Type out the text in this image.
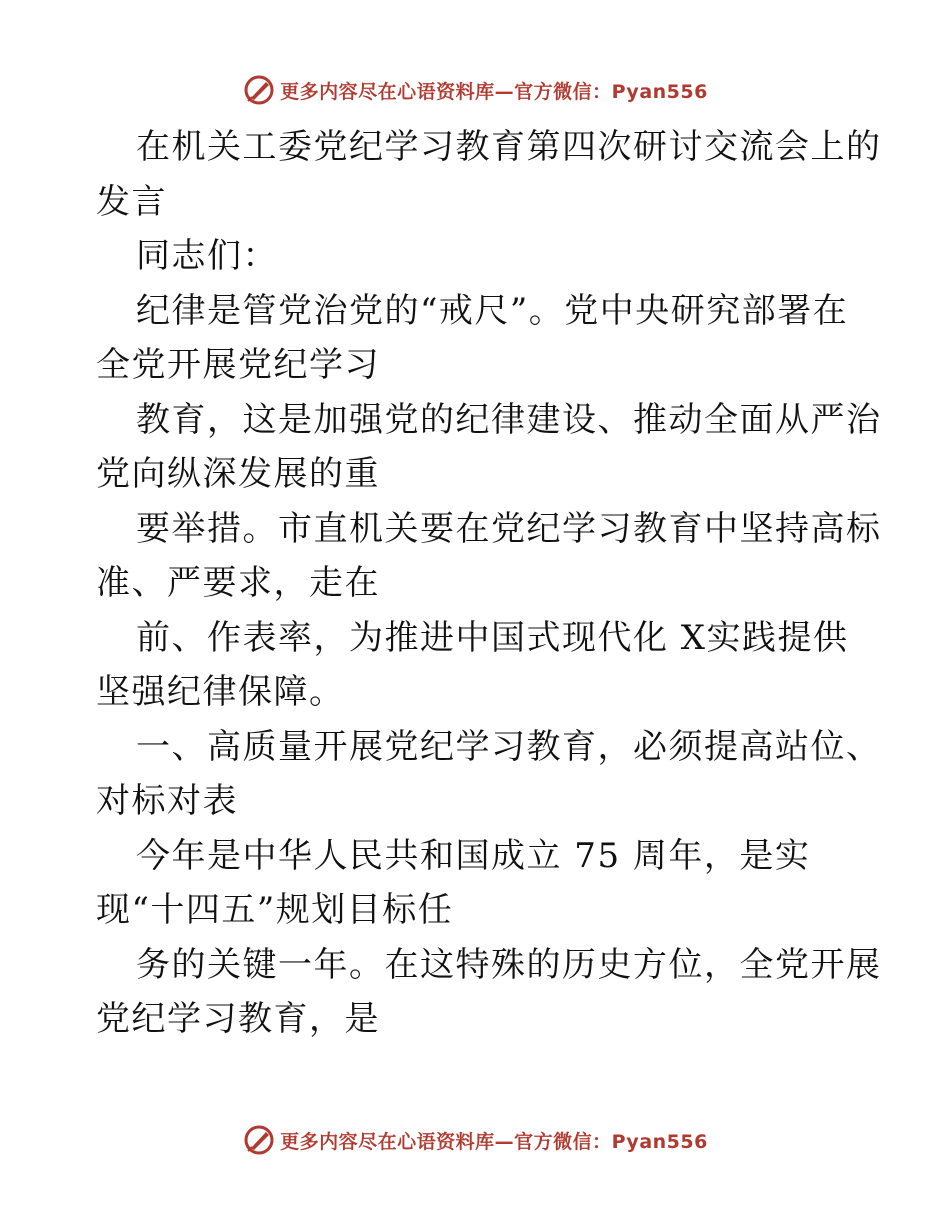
更多内容尽在心语资料库—官方微信：Pyan556
在机关工委党纪学习教育第四次研讨交流会上的
发言
同志们：
纪律是管党治党的“戒尺”。党中央研究部署在
全党开展党纪学习
教育，这是加强党的纪律建设、推动全面从严治
党向纵深发展的重
要举措。市直机关要在党纪学习教育中坚持高标
准、严要求，走在
前、作表率，为推进中国式现代化 X实践提供
坚强纪律保障。
一、高质量开展党纪学习教育，必须提高站位、
对标对表
今年是中华人民共和国成立 75 周年，是实
现“十四五”规划目标任
务的关键一年。在这特殊的历史方位，全党开展
党纪学习教育，是
更多内容尽在心语资料库—官方微信：Pyan556
